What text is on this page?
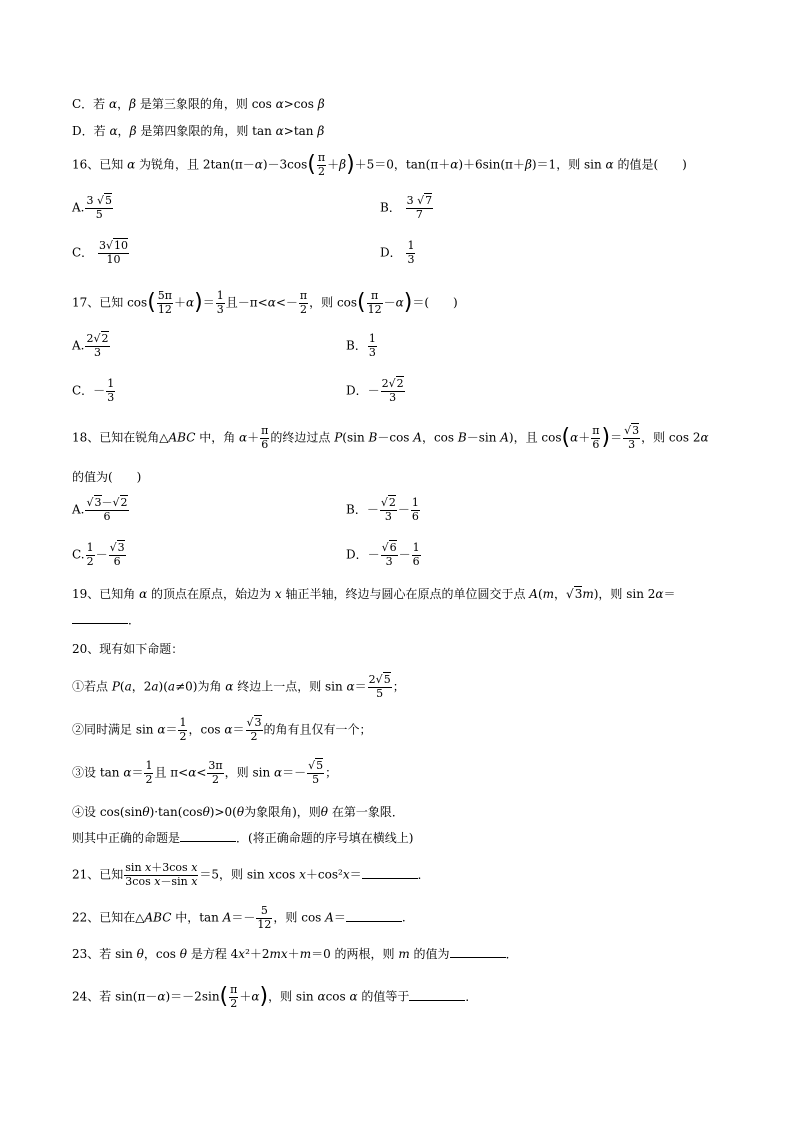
C．若 α，β 是第三象限的角，则 cos α>cos β
D．若 α，β 是第四象限的角，则 tan α>tan β
16、已知 α 为锐角，且 $2\tan(\pi-\alpha)-3\cos( \frac{\pi}{2} +\beta)+5=0$，tan(π＋α)＋6sin(π＋β)＝1，则 sin α 的值是(　　)
A. $\frac{3 √5}{5}$	B． $\frac{3 √7}{7}$
C． $\frac{3√10}{10}$	D． $\frac{1}{3}$
17、已知 $\cos( \frac{5\pi}{12} +\alpha)= \frac{1}{3}$ 且$-\pi<\alpha<- \frac{\pi}{2}$ ，则 $\cos( \frac{\pi}{12} -\alpha)=$(　　)
A. $\frac{2√2}{3}$	B． $\frac{1}{3}$
C．－ $\frac{1}{3}$	D．－ $\frac{2√2}{3}$
18、已知在锐角△ABC 中，角 $\alpha+ \frac{\pi}{6}$ 的终边过点 P(sin B－cos A，cos B－sin A)，且 $\cos(\alpha+ \frac{\pi}{6}$ )＝ $\frac{√3}{3}$ ，则 cos 2α
的值为(　　)
A. $\frac{√3-√2}{6}$	B．－ $\frac{√2}{3} - \frac{1}{6}$
C. $\frac{1}{2} - \frac{√3}{6}$	D．－ $\frac{√6}{3} - \frac{1}{6}$
19、已知角 α 的顶点在原点，始边为 x 轴正半轴，终边与圆心在原点的单位圆交于点 A(m，√3m)，则 sin 2α＝
．
20、现有如下命题：
①若点 P(a，2a)(a≠0)为角 α 终边上一点，则 $\sin \alpha= \frac{2√5}{5}$ ；
②同时满足 $\sin \alpha= \frac{1}{2}$ ，$\cos \alpha= \frac{√3}{2}$ 的角有且仅有一个；
③设 $\tan \alpha= \frac{1}{2}$ 且 $\pi<\alpha< \frac{3\pi}{2}$ ，则 $\sin \alpha=- \frac{√5}{5}$ ；
④设 cos(sinθ)·tan(cosθ)>0(θ为象限角)，则θ 在第一象限．
则其中正确的命题是	．(将正确命题的序号填在横线上)
21、已知 $\frac{\text{sin x＋3cos x}}{\text{3cos x－sin x}} =5$，则 sin xcos x＋cos²x＝	．
22、已知在△ABC 中，$\tan A=- \frac{5}{12}$ ，则 cos A＝	.
23、若 sin θ，cos θ 是方程 4x²＋2mx＋m＝0 的两根，则 m 的值为	．
24、若 $\sin(\pi-\alpha)=-2\sin( \frac{\pi}{2} +\alpha)$，则 sin αcos α 的值等于	．
